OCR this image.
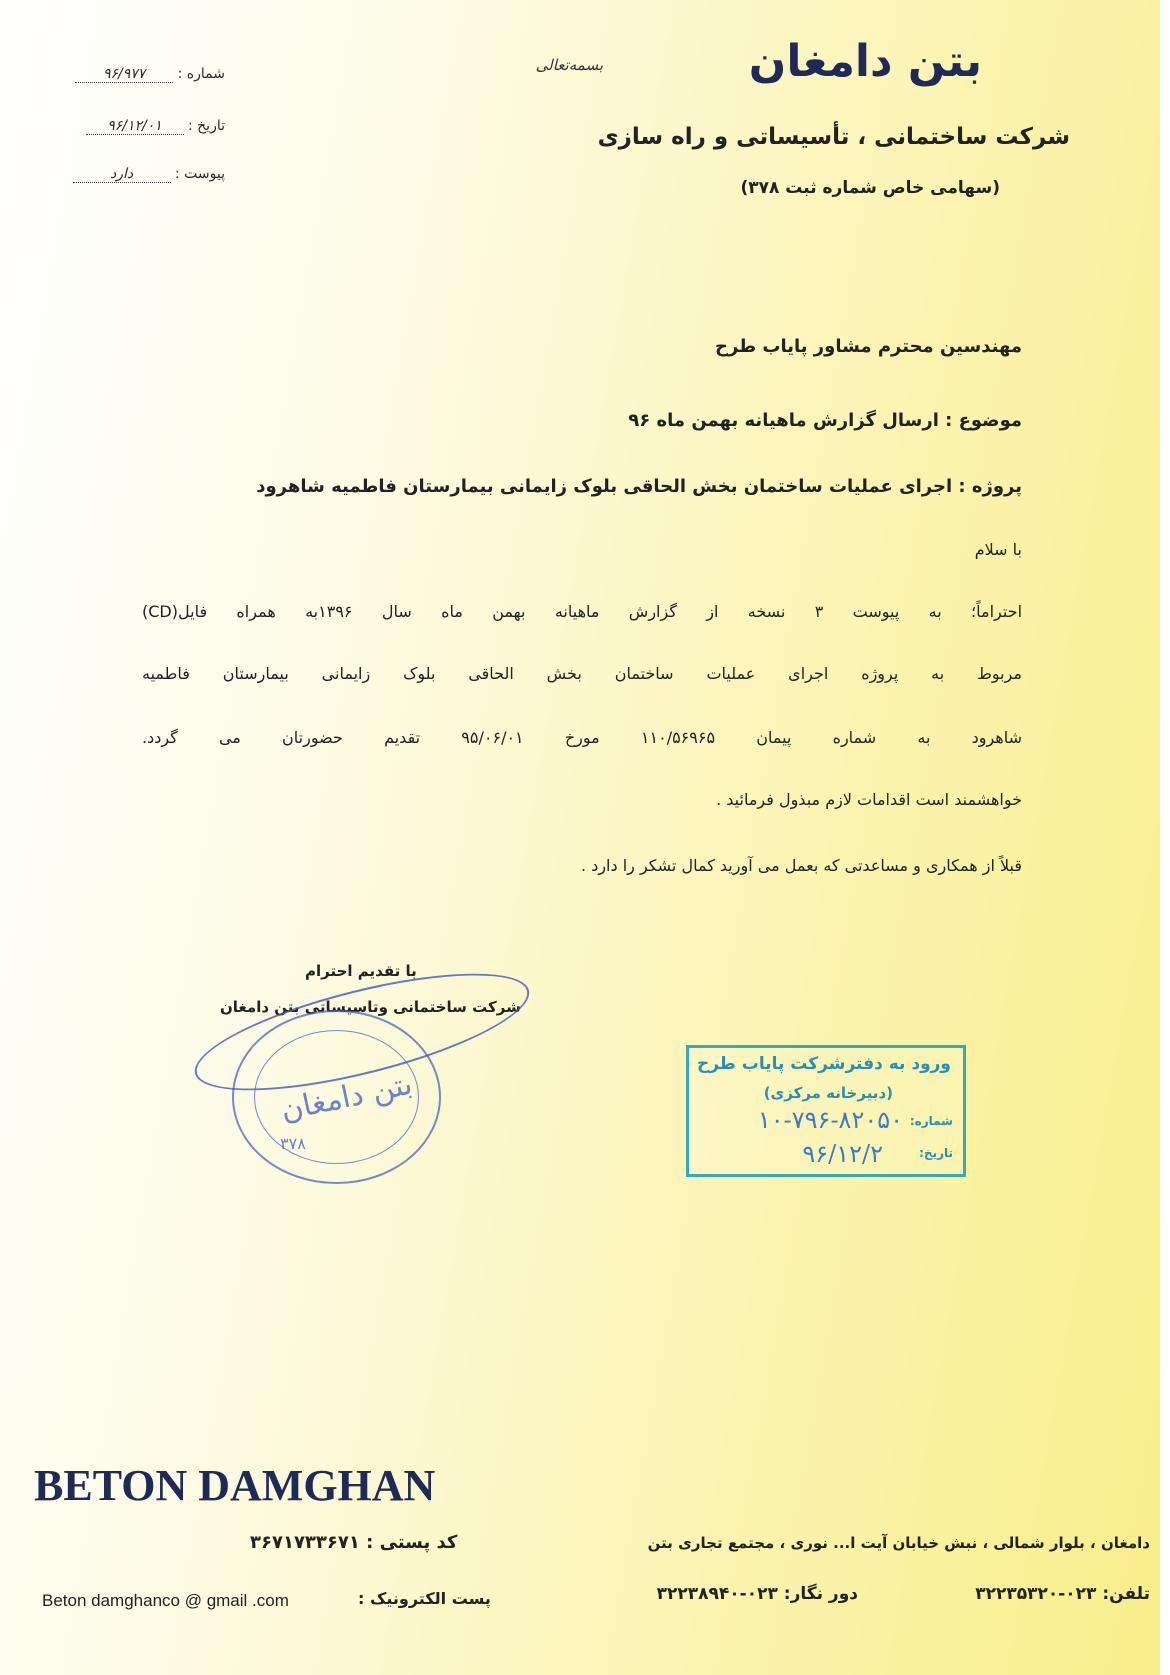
بتن دامغان
شرکت ساختمانی ، تأسیساتی و راه سازی
(سهامی خاص شماره ثبت ۳۷۸)
بسمه‌تعالی
شماره : ۹۶/۹۷۷
تاریخ : ۹۶/۱۲/۰۱
پیوست : دارد
مهندسین محترم مشاور پایاب طرح
موضوع : ارسال گزارش ماهیانه بهمن ماه ۹۶
پروژه : اجرای عملیات ساختمان بخش الحاقی بلوک زایمانی بیمارستان فاطمیه شاهرود
با سلام
احتراماً؛ به پیوست ۳ نسخه از گزارش ماهیانه بهمن ماه سال ۱۳۹۶به همراه فایل(CD)
مربوط به پروژه اجرای عملیات ساختمان بخش الحاقی بلوک زایمانی بیمارستان فاطمیه
شاهرود به شماره پیمان ۱۱۰/۵۶۹۶۵ مورخ ۹۵/۰۶/۰۱ تقدیم حضورتان می گردد.
خواهشمند است اقدامات لازم مبذول فرمائید .
قبلاً از همکاری و مساعدتی که بعمل می آورید کمال تشکر را دارد .
با تقدیم احترام
شرکت ساختمانی وتاسیساتی بتن دامغان
بتن دامغان
۳۷۸
ورود به دفترشرکت پایاب طرح
(دبیرخانه مرکزی)
شماره:
۱۰-۷۹۶-۸۲۰۵۰
تاریخ:
۹۶/۱۲/۲
BETON DAMGHAN
دامغان ، بلوار شمالی ، نبش خیابان آیت ا... نوری ، مجتمع تجاری بتن
کد پستی : ۳۶۷۱۷۳۳۶۷۱
تلفن: ۰۲۳-۳۲۲۳۵۳۲۰
دور نگار: ۰۲۳-۳۲۲۳۸۹۴۰
پست الکترونیک :
Beton damghanco @ gmail .com
